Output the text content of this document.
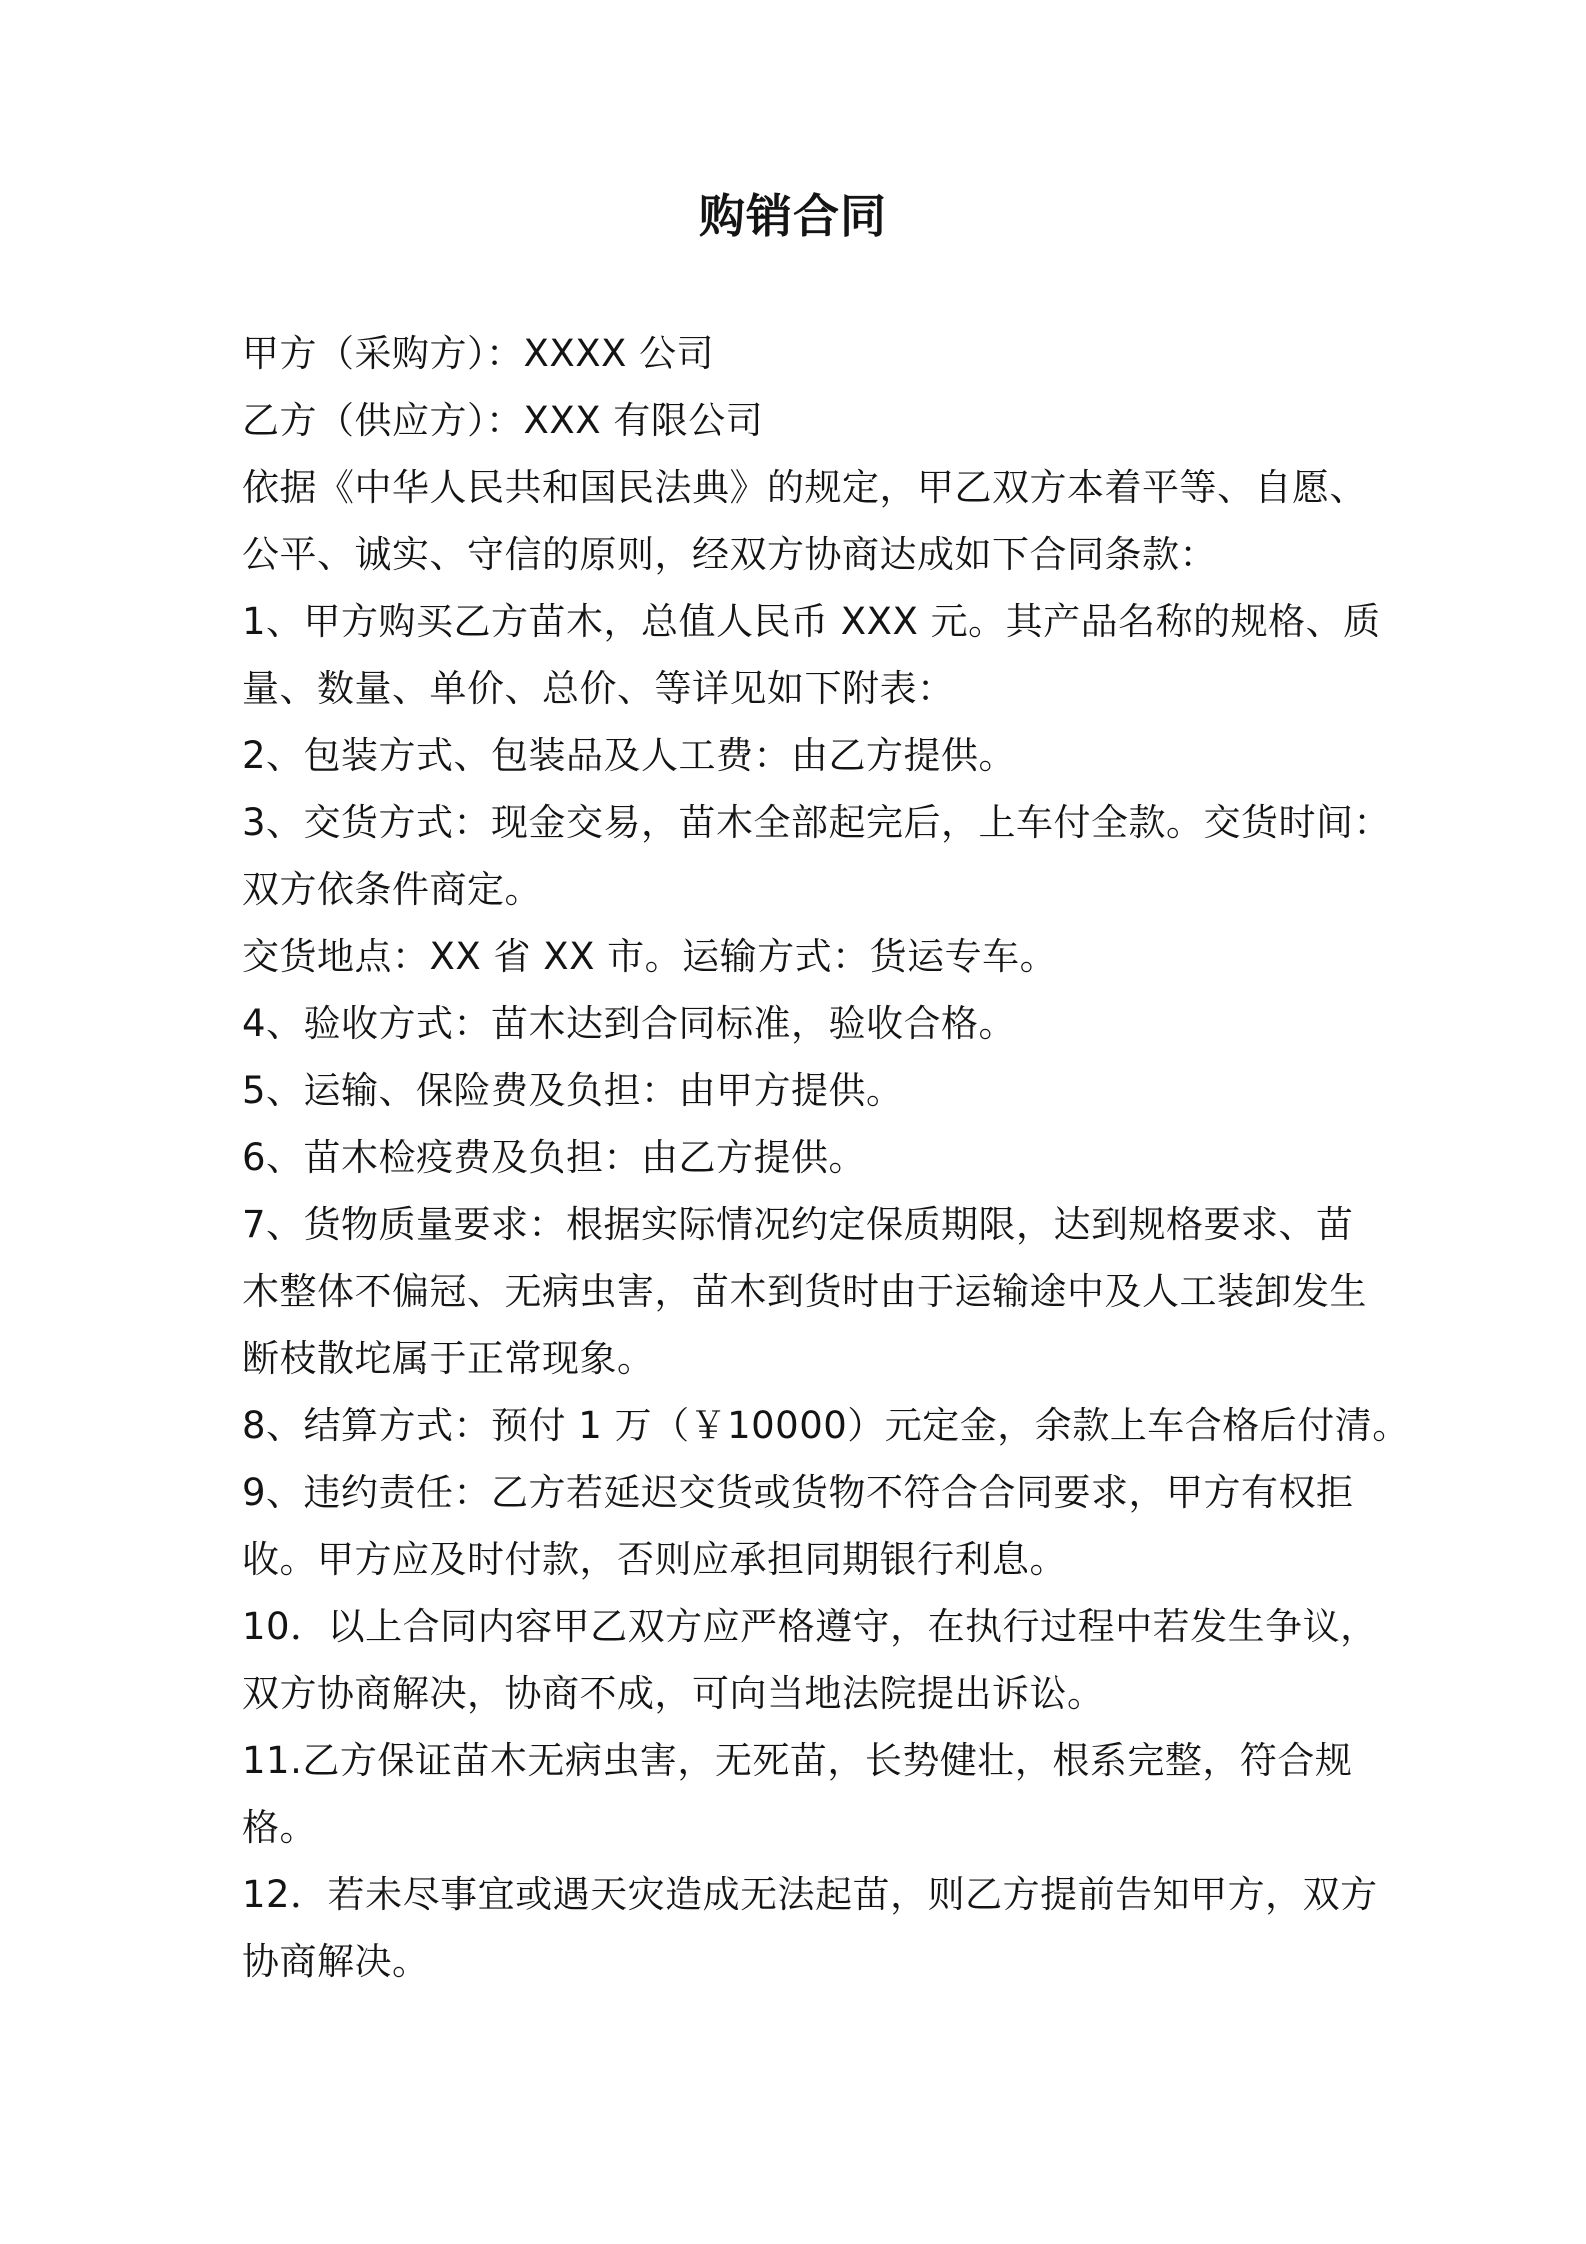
购销合同
甲方（采购方）：XXXX 公司
乙方（供应方）：XXX 有限公司
依据《中华人民共和国民法典》的规定，甲乙双方本着平等、自愿、
公平、诚实、守信的原则，经双方协商达成如下合同条款：
1、甲方购买乙方苗木，总值人民币 XXX 元。其产品名称的规格、质
量、数量、单价、总价、等详见如下附表：
2、包装方式、包装品及人工费：由乙方提供。
3、交货方式：现金交易，苗木全部起完后，上车付全款。交货时间：
双方依条件商定。
交货地点：XX 省 XX 市。运输方式：货运专车。
4、验收方式：苗木达到合同标准，验收合格。
5、运输、保险费及负担：由甲方提供。
6、苗木检疫费及负担：由乙方提供。
7、货物质量要求：根据实际情况约定保质期限，达到规格要求、苗
木整体不偏冠、无病虫害，苗木到货时由于运输途中及人工装卸发生
断枝散坨属于正常现象。
8、结算方式：预付 1 万（￥10000）元定金，余款上车合格后付清。
9、违约责任：乙方若延迟交货或货物不符合合同要求，甲方有权拒
收。甲方应及时付款，否则应承担同期银行利息。
10．以上合同内容甲乙双方应严格遵守，在执行过程中若发生争议，
双方协商解决，协商不成，可向当地法院提出诉讼。
11.乙方保证苗木无病虫害，无死苗，长势健壮，根系完整，符合规
格。
12．若未尽事宜或遇天灾造成无法起苗，则乙方提前告知甲方，双方
协商解决。
